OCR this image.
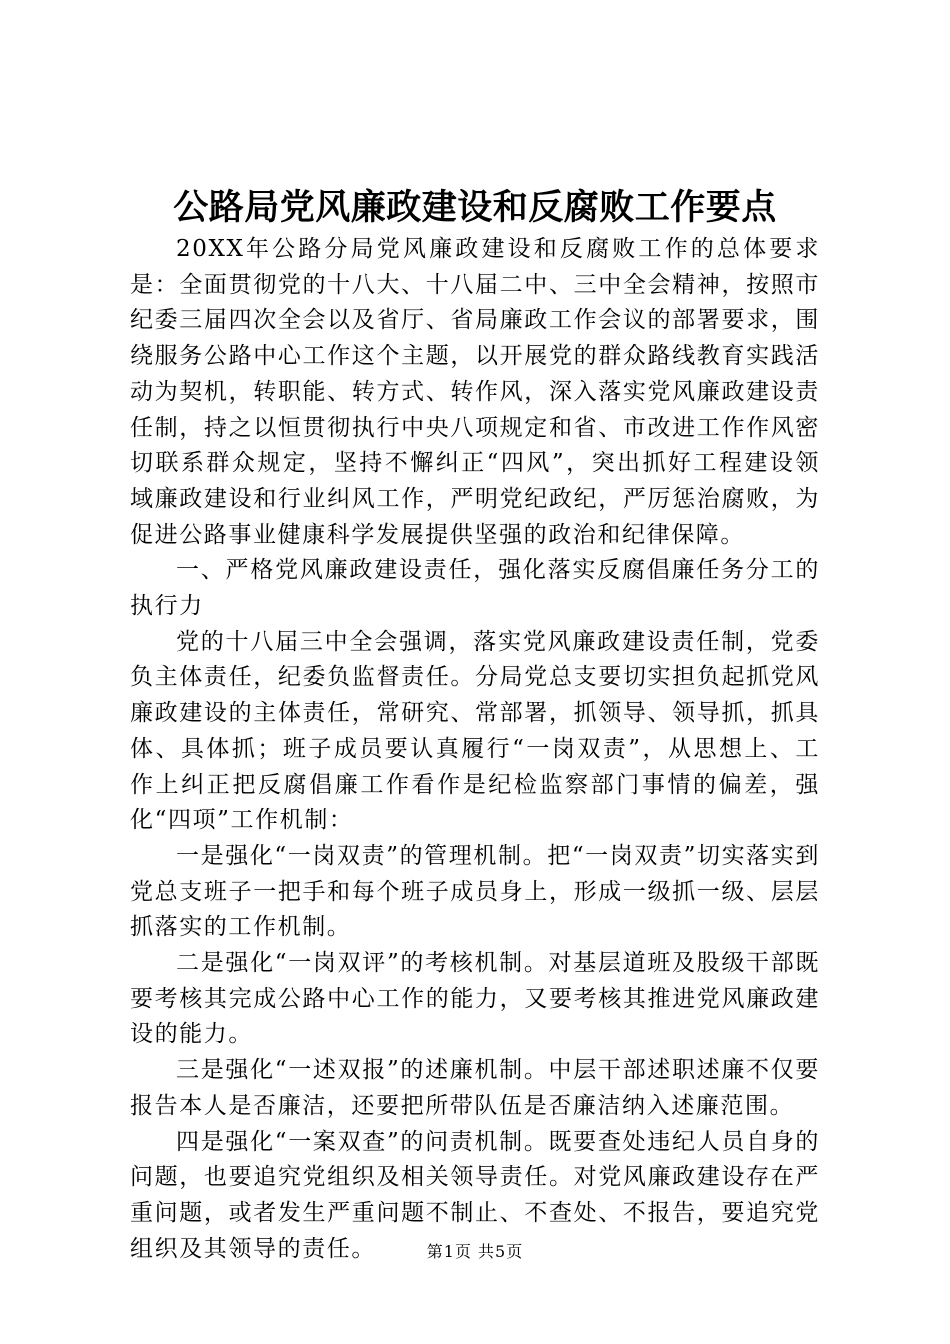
公路局党风廉政建设和反腐败工作要点

20XX年公路分局党风廉政建设和反腐败工作的总体要求是：全面贯彻党的十八大、十八届二中、三中全会精神，按照市纪委三届四次全会以及省厅、省局廉政工作会议的部署要求，围绕服务公路中心工作这个主题，以开展党的群众路线教育实践活动为契机，转职能、转方式、转作风，深入落实党风廉政建设责任制，持之以恒贯彻执行中央八项规定和省、市改进工作作风密切联系群众规定，坚持不懈纠正“四风”，突出抓好工程建设领域廉政建设和行业纠风工作，严明党纪政纪，严厉惩治腐败，为促进公路事业健康科学发展提供坚强的政治和纪律保障。

一、严格党风廉政建设责任，强化落实反腐倡廉任务分工的执行力

党的十八届三中全会强调，落实党风廉政建设责任制，党委负主体责任，纪委负监督责任。分局党总支要切实担负起抓党风廉政建设的主体责任，常研究、常部署，抓领导、领导抓，抓具体、具体抓；班子成员要认真履行“一岗双责”，从思想上、工作上纠正把反腐倡廉工作看作是纪检监察部门事情的偏差，强化“四项”工作机制：

一是强化“一岗双责”的管理机制。把“一岗双责”切实落实到党总支班子一把手和每个班子成员身上，形成一级抓一级、层层抓落实的工作机制。

二是强化“一岗双评”的考核机制。对基层道班及股级干部既要考核其完成公路中心工作的能力，又要考核其推进党风廉政建设的能力。

三是强化“一述双报”的述廉机制。中层干部述职述廉不仅要报告本人是否廉洁，还要把所带队伍是否廉洁纳入述廉范围。

四是强化“一案双查”的问责机制。既要查处违纪人员自身的问题，也要追究党组织及相关领导责任。对党风廉政建设存在严重问题，或者发生严重问题不制止、不查处、不报告，要追究党组织及其领导的责任。	第1页 共5页
